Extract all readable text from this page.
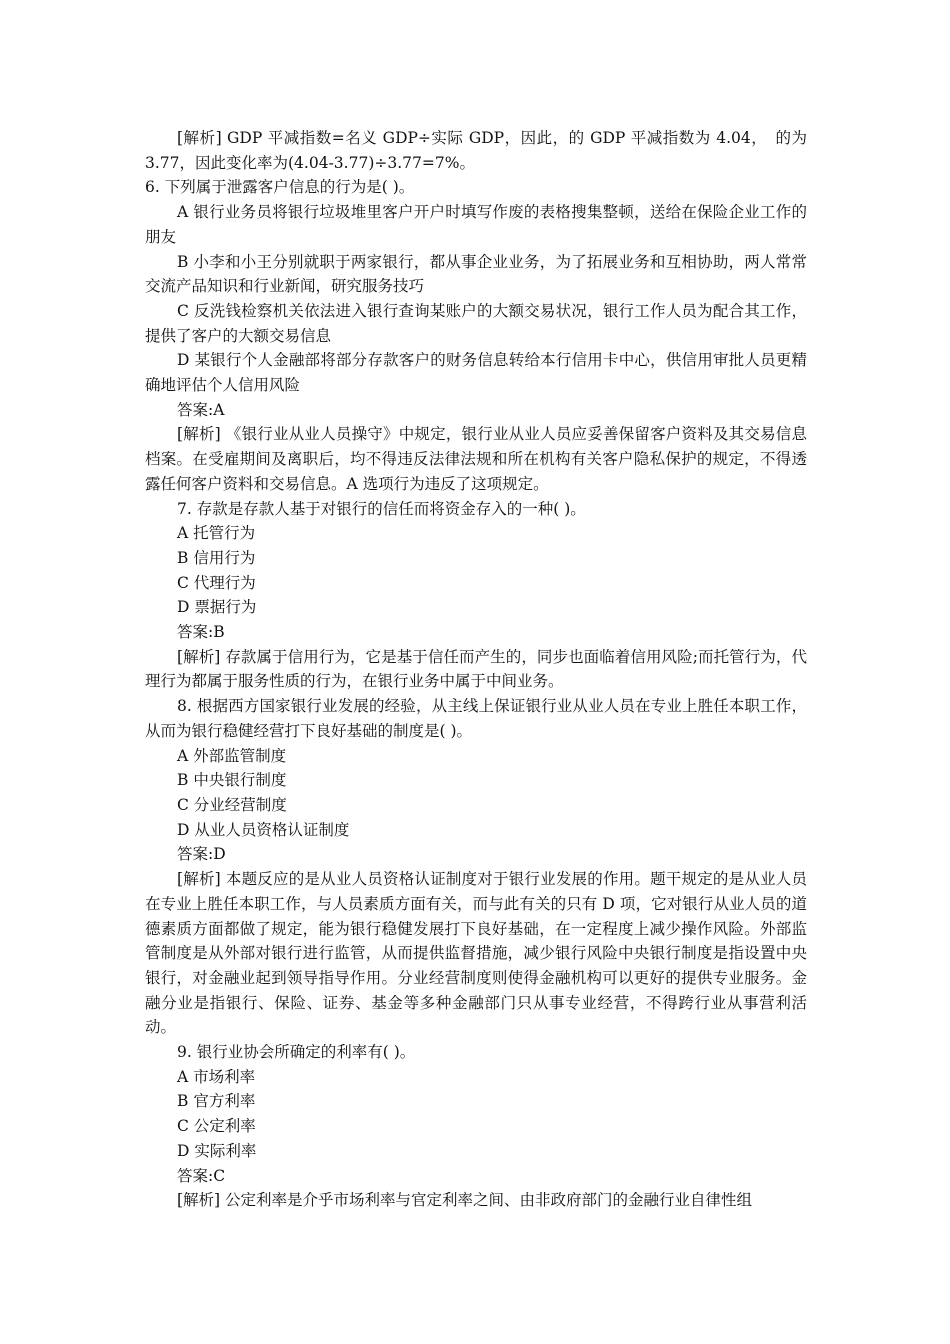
[解析] GDP 平减指数=名义 GDP÷实际 GDP，因此，的 GDP 平减指数为 4.04，　的为 3.77，因此变化率为(4.04-3.77)÷3.77=7%。

6. 下列属于泄露客户信息的行为是( )。

A 银行业务员将银行垃圾堆里客户开户时填写作废的表格搜集整顿，送给在保险企业工作的朋友

B 小李和小王分别就职于两家银行，都从事企业业务，为了拓展业务和互相协助，两人常常交流产品知识和行业新闻，研究服务技巧

C 反洗钱检察机关依法进入银行查询某账户的大额交易状况，银行工作人员为配合其工作，提供了客户的大额交易信息

D 某银行个人金融部将部分存款客户的财务信息转给本行信用卡中心，供信用审批人员更精确地评估个人信用风险

答案:A

[解析] 《银行业从业人员操守》中规定，银行业从业人员应妥善保留客户资料及其交易信息档案。在受雇期间及离职后，均不得违反法律法规和所在机构有关客户隐私保护的规定，不得透露任何客户资料和交易信息。A 选项行为违反了这项规定。

7. 存款是存款人基于对银行的信任而将资金存入的一种( )。

A 托管行为

B 信用行为

C 代理行为

D 票据行为

答案:B

[解析] 存款属于信用行为，它是基于信任而产生的，同步也面临着信用风险;而托管行为，代理行为都属于服务性质的行为，在银行业务中属于中间业务。

8. 根据西方国家银行业发展的经验，从主线上保证银行业从业人员在专业上胜任本职工作，从而为银行稳健经营打下良好基础的制度是( )。

A 外部监管制度

B 中央银行制度

C 分业经营制度

D 从业人员资格认证制度

答案:D

[解析] 本题反应的是从业人员资格认证制度对于银行业发展的作用。题干规定的是从业人员在专业上胜任本职工作，与人员素质方面有关，而与此有关的只有 D 项，它对银行从业人员的道德素质方面都做了规定，能为银行稳健发展打下良好基础，在一定程度上减少操作风险。外部监管制度是从外部对银行进行监管，从而提供监督措施，减少银行风险中央银行制度是指设置中央银行，对金融业起到领导指导作用。分业经营制度则使得金融机构可以更好的提供专业服务。金融分业是指银行、保险、证券、基金等多种金融部门只从事专业经营，不得跨行业从事营利活动。

9. 银行业协会所确定的利率有( )。

A 市场利率

B 官方利率

C 公定利率

D 实际利率

答案:C

[解析] 公定利率是介乎市场利率与官定利率之间、由非政府部门的金融行业自律性组
